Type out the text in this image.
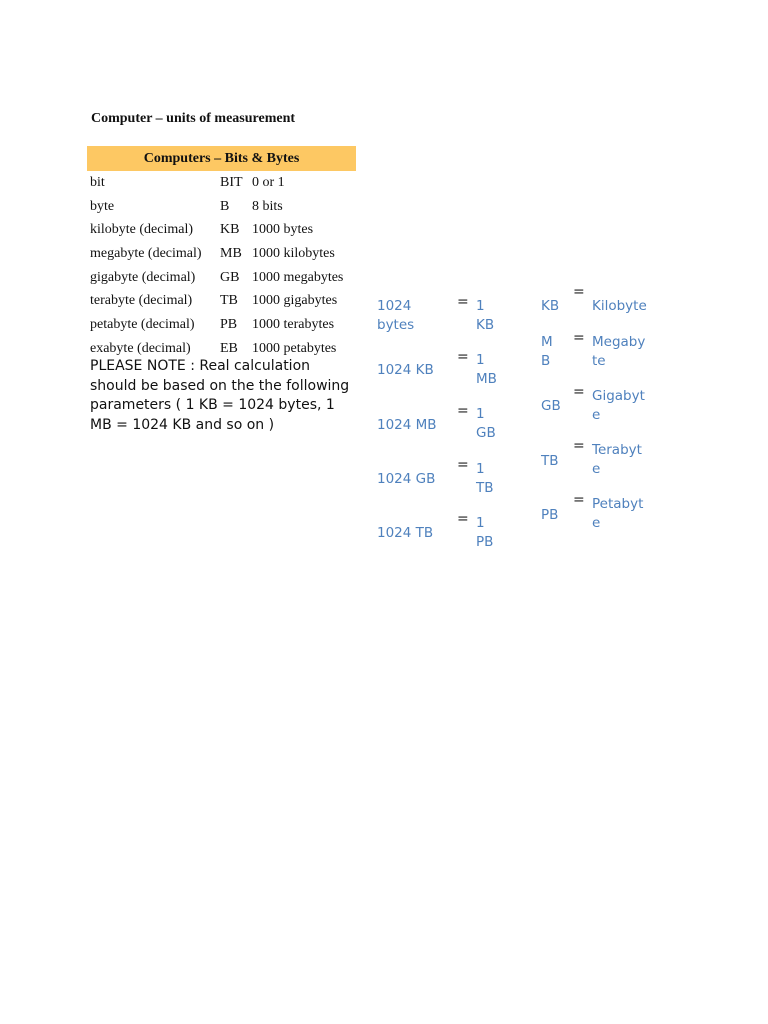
Computer – units of measurement
Computers – Bits & Bytes
bit	BIT 0 or 1
byte	B 8 bits
kilobyte (decimal) KB 1000 bytes
megabyte (decimal) MB 1000 kilobytes
gigabyte (decimal) GB 1000 megabytes
terabyte (decimal) TB 1000 gigabytes
petabyte (decimal) PB 1000 terabytes
exabyte (decimal) EB 1000 petabytes
PLEASE NOTE : Real calculation should be based on the the following parameters ( 1 KB = 1024 bytes, 1 MB = 1024 KB and so on )
1024
bytes
= 1
KB
KB
=
Kilobyte
1024 KB
= 1
MB
M
B
= Megaby
te
1024 MB
= 1
GB
GB
= Gigabyt
e
1024 GB
= 1
TB
TB
= Terabyt
e
1024 TB
= 1
PB
PB
= Petabyt
e
